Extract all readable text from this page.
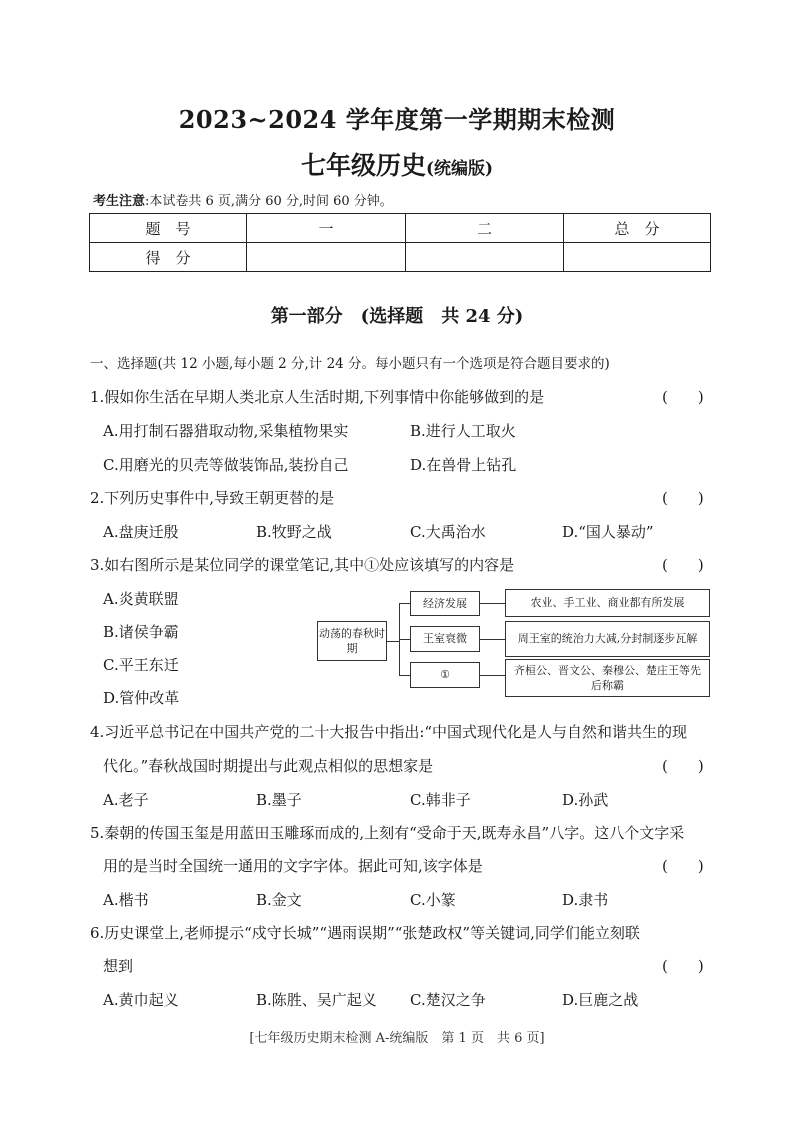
2023~2024 学年度第一学期期末检测
七年级历史(统编版)
考生注意:本试卷共 6 页,满分 60 分,时间 60 分钟。
题　号	一	二	总　分
得　分			
第一部分　(选择题　共 24 分)
一、选择题(共 12 小题,每小题 2 分,计 24 分。每小题只有一个选项是符合题目要求的)
1.假如你生活在早期人类北京人生活时期,下列事情中你能够做到的是	(　　)
A.用打制石器猎取动物,采集植物果实	B.进行人工取火
C.用磨光的贝壳等做装饰品,装扮自己	D.在兽骨上钻孔
2.下列历史事件中,导致王朝更替的是	(　　)
A.盘庚迁殷	B.牧野之战	C.大禹治水	D.“国人暴动”
3.如右图所示是某位同学的课堂笔记,其中①处应该填写的内容是	(　　)
A.炎黄联盟
B.诸侯争霸
C.平王东迁
D.管仲改革
动荡的春秋时期
经济发展
王室衰微
①
农业、手工业、商业都有所发展
周王室的统治力大减,分封制逐步瓦解
齐桓公、晋文公、秦穆公、楚庄王等先后称霸
4.习近平总书记在中国共产党的二十大报告中指出:“中国式现代化是人与自然和谐共生的现
代化。”春秋战国时期提出与此观点相似的思想家是	(　　)
A.老子	B.墨子	C.韩非子	D.孙武
5.秦朝的传国玉玺是用蓝田玉雕琢而成的,上刻有“受命于天,既寿永昌”八字。这八个文字采
用的是当时全国统一通用的文字字体。据此可知,该字体是	(　　)
A.楷书	B.金文	C.小篆	D.隶书
6.历史课堂上,老师提示“戍守长城”“遇雨误期”“张楚政权”等关键词,同学们能立刻联
想到	(　　)
A.黄巾起义	B.陈胜、吴广起义 C.楚汉之争	D.巨鹿之战
[七年级历史期末检测 A-统编版　第 1 页　共 6 页]
